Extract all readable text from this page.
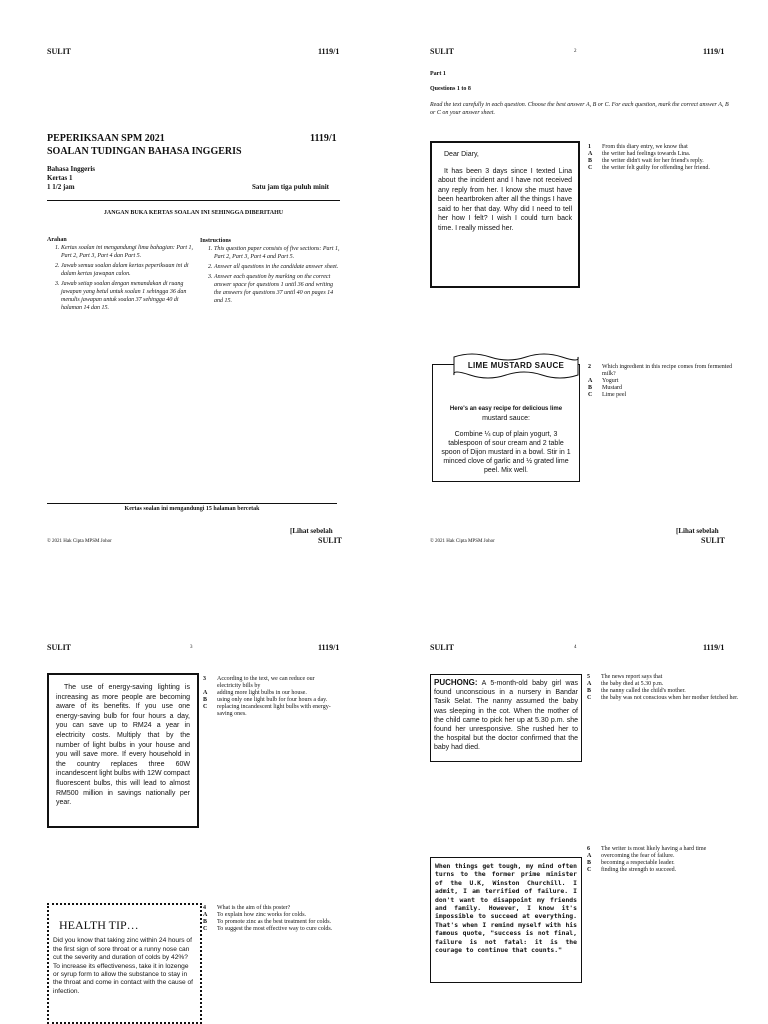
SULIT	1119/1
PEPERIKSAAN SPM 2021	1119/1
SOALAN TUDINGAN BAHASA INGGERIS
Bahasa Inggeris
Kertas 1
1 1/2 jam	Satu jam tiga puluh minit
JANGAN BUKA KERTAS SOALAN INI SEHINGGA DIBERITAHU
Arahan
1. Kertas soalan ini mengandungi lima bahagian: Part 1, Part 2, Part 3, Part 4 dan Part 5.
2. Jawab semua soalan dalam kertas peperiksaan ini di dalam kertas jawapan calon.
3. Jawab setiap soalan dengan menandakan di ruang jawapan yang betul untuk soalan 1 sehingga 36 dan menulis jawapan untuk soalan 37 sehingga 40 di halaman 14 dan 15.
Instructions
1. This question paper consists of five sections: Part 1, Part 2, Part 3, Part 4 and Part 5.
2. Answer all questions in the candidate answer sheet.
3. Answer each question by marking on the correct answer space for questions 1 until 36 and writing the answers for questions 37 until 40 on pages 14 and 15.
Kertas soalan ini mengandungi 15 halaman bercetak
[Lihat sebelah
© 2021 Hak Cipta MPSM Johor	SULIT
SULIT	2	1119/1
Part 1
Questions 1 to 8
Read the text carefully in each question. Choose the best answer A, B or C. For each question, mark the correct answer A, B or C on your answer sheet.
Dear Diary,
It has been 3 days since I texted Lina about the incident and I have not received any reply from her. I know she must have been heartbroken after all the things I have said to her that day. Why did I need to tell her how I felt? I wish I could turn back time. I really missed her.
1	From this diary entry, we know that
A	the writer had feelings towards Lina.
B	the writer didn't wait for her friend's reply.
C	the writer felt guilty for offending her friend.
Here's an easy recipe for delicious lime
mustard sauce:
Combine ¼ cup of plain yogurt, 3 tablespoon of sour cream and 2 table spoon of Dijon mustard in a bowl. Stir in 1 minced clove of garlic and ½ grated lime peel. Mix well.
LIME MUSTARD SAUCE	2	Which ingredient in this recipe comes from fermented milk?
A	Yogurt
B	Mustard
C	Lime peel
[Lihat sebelah
© 2021 Hak Cipta MPSM Johor	SULIT
SULIT	3	1119/1
The use of energy-saving lighting is increasing as more people are becoming aware of its benefits. If you use one energy-saving bulb for four hours a day, you can save up to RM24 a year in electricity costs. Multiply that by the number of light bulbs in your house and you will save more. If every household in the country replaces three 60W incandescent light bulbs with 12W compact fluorescent bulbs, this will lead to almost RM500 million in savings nationally per year.
3	According to the text, we can reduce our electricity bills by
A	adding more light bulbs in our house.
B	using only one light bulb for four hours a day.
C	replacing incandescent light bulbs with energy-saving ones.
HEALTH TIP…
Did you know that taking zinc within 24 hours of the first sign of sore throat or a runny nose can cut the severity and duration of colds by 42%? To increase its effectiveness, take it in lozenge or syrup form to allow the substance to stay in the throat and come in contact with the cause of infection.
4	What is the aim of this poster?
A	To explain how zinc works for colds.
B	To promote zinc as the best treatment for colds.
C	To suggest the most effective way to cure colds.
SULIT	4	1119/1
PUCHONG: A 5-month-old baby girl was found unconscious in a nursery in Bandar Tasik Selat. The nanny assumed the baby was sleeping in the cot. When the mother of the child came to pick her up at 5.30 p.m. she found her unresponsive. She rushed her to the hospital but the doctor confirmed that the baby had died.
5	The news report says that
A	the baby died at 5.30 p.m.
B	the nanny called the child's mother.
C	the baby was not conscious when her mother fetched her.
When things get tough, my mind often turns to the former prime minister of the U.K, Winston Churchill. I admit, I am terrified of failure. I don't want to disappoint my friends and family. However, I know it's impossible to succeed at everything. That's when I remind myself with his famous quote, "success is not final, failure is not fatal: it is the courage to continue that counts."
6	The writer is most likely having a hard time
A	overcoming the fear of failure.
B	becoming a respectable leader.
C	finding the strength to succeed.
